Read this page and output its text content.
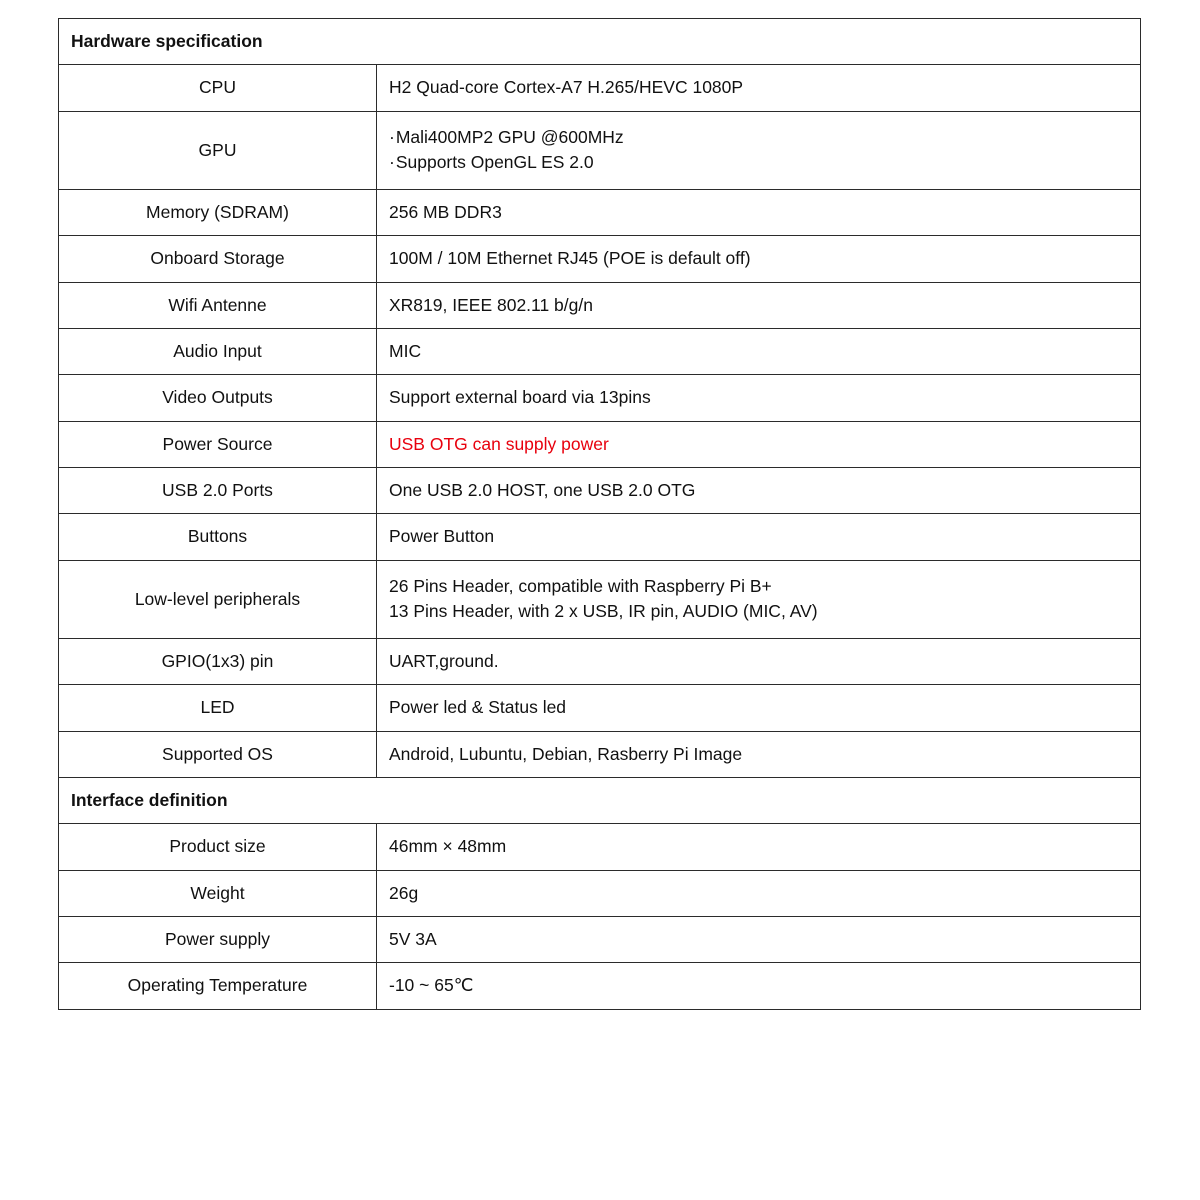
Hardware specification	
CPU	H2 Quad-core Cortex-A7 H.265/HEVC 1080P
GPU	· Mali400MP2 GPU @600MHz
· Supports OpenGL ES 2.0

Memory (SDRAM)	256 MB DDR3
Onboard Storage	100M / 10M Ethernet RJ45 (POE is default off)
Wifi Antenne	XR819, IEEE 802.11 b/g/n
Audio Input	MIC
Video Outputs	Support external board via 13pins
Power Source	USB OTG can supply power
USB 2.0 Ports	One USB 2.0 HOST, one USB 2.0 OTG
Buttons	Power Button
Low-level peripherals	26 Pins Header, compatible with Raspberry Pi B+
13 Pins Header, with 2 x USB, IR pin, AUDIO (MIC, AV)

GPIO(1x3) pin	UART,ground.
LED	Power led & Status led
Supported OS	Android, Lubuntu, Debian, Rasberry Pi Image
Interface definition	
Product size	46mm × 48mm
Weight	26g
Power supply	5V 3A
Operating Temperature	-10 ~ 65℃
